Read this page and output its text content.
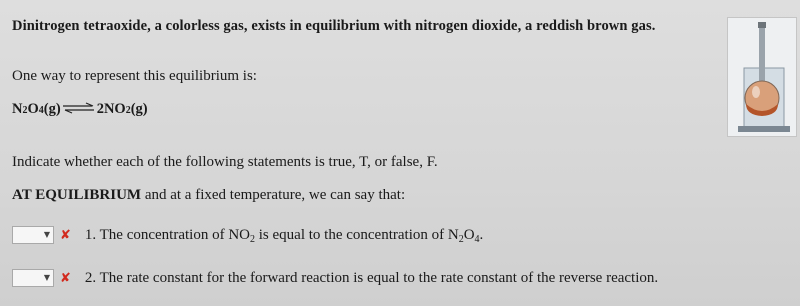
Dinitrogen tetraoxide, a colorless gas, exists in equilibrium with nitrogen dioxide, a reddish brown gas.
One way to represent this equilibrium is:
N 2 O 4 (g) ⇌ 2NO 2 (g)
Indicate whether each of the following statements is true, T, or false, F.
AT EQUILIBRIUM and at a fixed temperature, we can say that:
▼ ✘ 1. The concentration of $NO_2$ is equal to the concentration of $N_2O_4$.
▼ ✘ 2. The rate constant for the forward reaction is equal to the rate constant of the reverse reaction.
